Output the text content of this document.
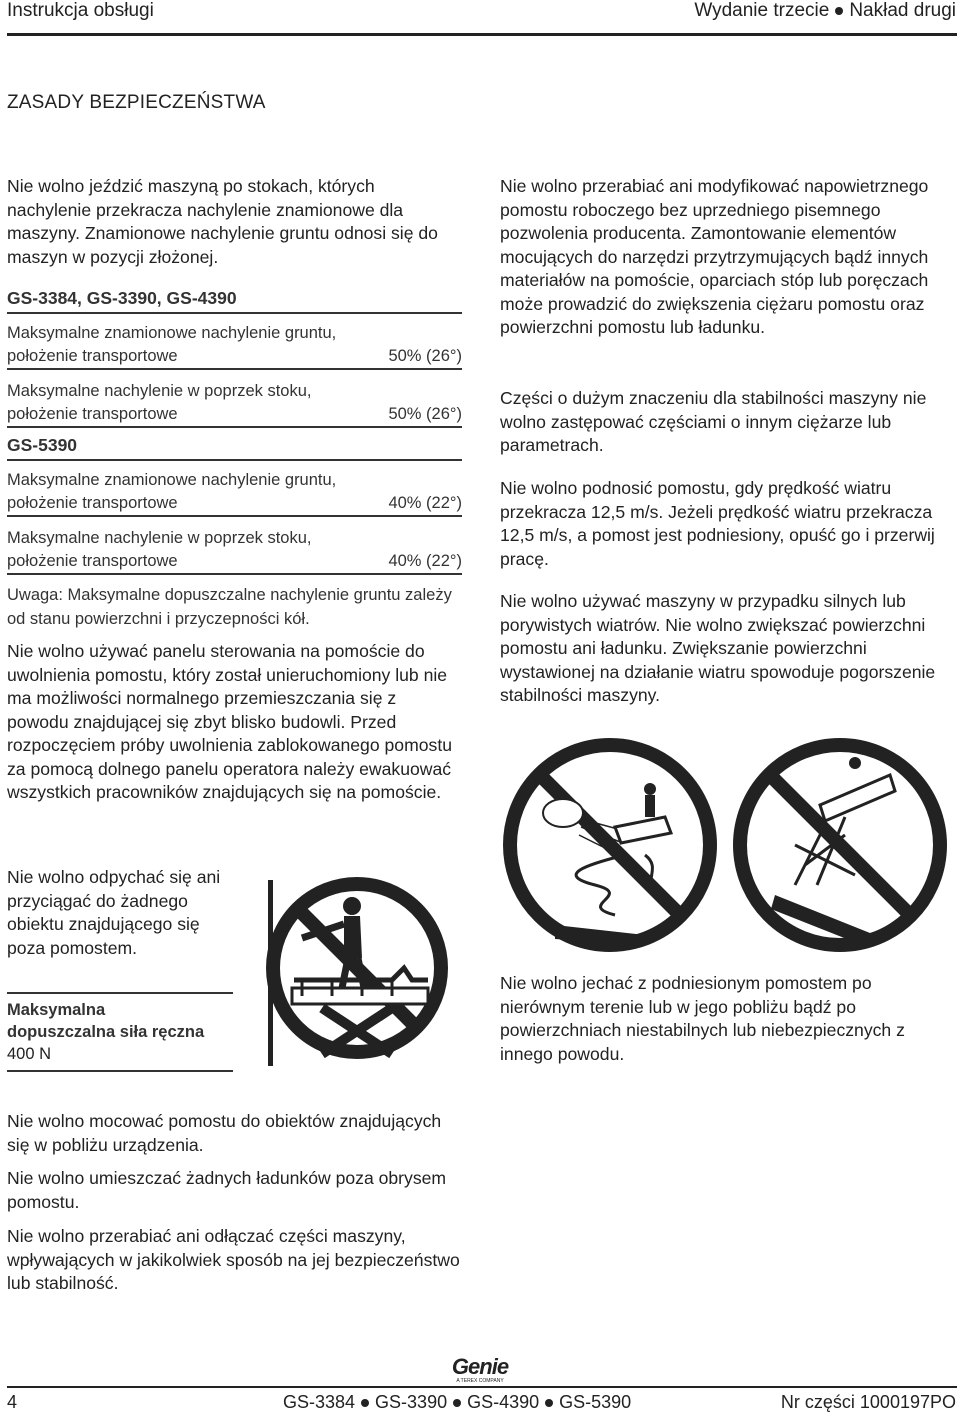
Instrukcja obsługi	Wydanie trzecie Nakład drugi
ZASADY BEZPIECZEŃSTWA
Nie wolno jeździć maszyną po stokach, których nachylenie przekracza nachylenie znamionowe dla maszyny. Znamionowe nachylenie gruntu odnosi się do maszyn w pozycji złożonej.
GS-3384, GS-3390, GS-4390
Maksymalne znamionowe nachylenie gruntu,
położenie transportowe	50% (26°)
Maksymalne nachylenie w poprzek stoku,
położenie transportowe	50% (26°)
GS-5390
Maksymalne znamionowe nachylenie gruntu,
położenie transportowe	40% (22°)
Maksymalne nachylenie w poprzek stoku,
położenie transportowe	40% (22°)
Uwaga: Maksymalne dopuszczalne nachylenie gruntu zależy od stanu powierzchni i przyczepności kół.
Nie wolno używać panelu sterowania na pomoście do uwolnienia pomostu, który został unieruchomiony lub nie ma możliwości normalnego przemieszczania się z powodu znajdującej się zbyt blisko budowli. Przed rozpoczęciem próby uwolnienia zablokowanego pomostu za pomocą dolnego panelu operatora należy ewakuować wszystkich pracowników znajdujących się na pomoście.
Nie wolno odpychać się ani przyciągać do żadnego obiektu znajdującego się poza pomostem.
Maksymalna
dopuszczalna siła ręczna
400 N
Nie wolno przerabiać ani modyfikować napowietrznego pomostu roboczego bez uprzedniego pisemnego pozwolenia producenta. Zamontowanie elementów mocujących do narzędzi przytrzymujących bądź innych materiałów na pomoście, oparciach stóp lub poręczach może prowadzić do zwiększenia ciężaru pomostu oraz powierzchni pomostu lub ładunku.
Części o dużym znaczeniu dla stabilności maszyny nie wolno zastępować częściami o innym ciężarze lub parametrach.
Nie wolno podnosić pomostu, gdy prędkość wiatru przekracza 12,5 m/s. Jeżeli prędkość wiatru przekracza 12,5 m/s, a pomost jest podniesiony, opuść go i przerwij pracę.
Nie wolno używać maszyny w przypadku silnych lub porywistych wiatrów. Nie wolno zwiększać powierzchni pomostu ani ładunku. Zwiększanie powierzchni wystawionej na działanie wiatru spowoduje pogorszenie stabilności maszyny.
Nie wolno jechać z podniesionym pomostem po nierównym terenie lub w jego pobliżu bądź po powierzchniach niestabilnych lub niebezpiecznych z innego powodu.
Nie wolno mocować pomostu do obiektów znajdujących się w pobliżu urządzenia.
Nie wolno umieszczać żadnych ładunków poza obrysem pomostu.
Nie wolno przerabiać ani odłączać części maszyny, wpływających w jakikolwiek sposób na jej bezpieczeństwo lub stabilność.
Genie
A TEREX COMPANY
4	GS-3384 GS-3390 GS-4390 GS-5390	Nr części 1000197PO
